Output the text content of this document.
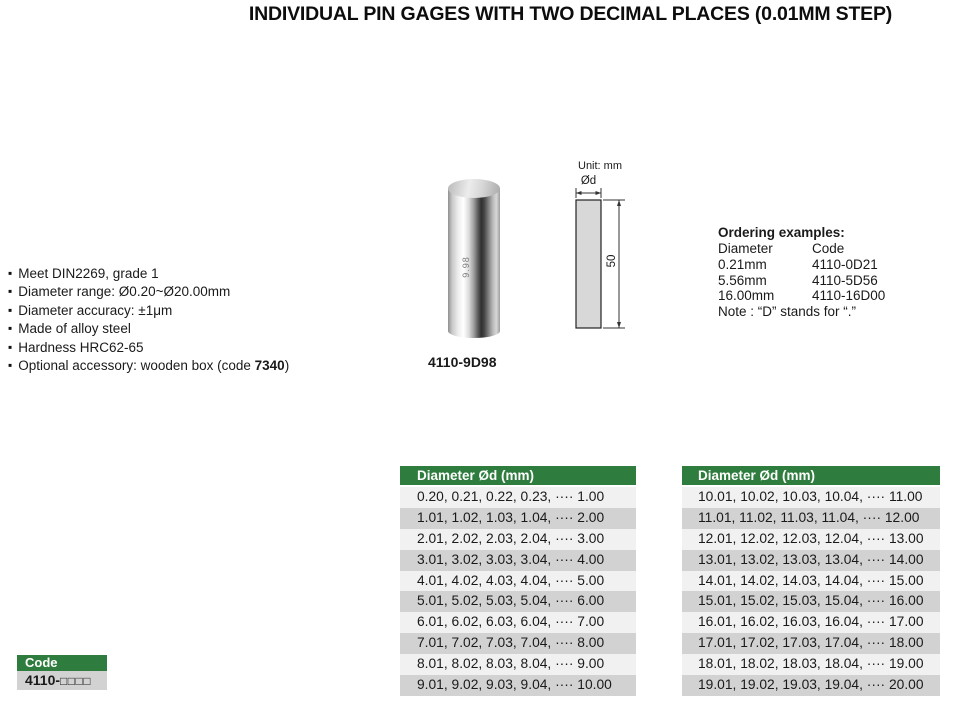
INDIVIDUAL PIN GAGES WITH TWO DECIMAL PLACES (0.01MM STEP)
▪ Meet DIN2269, grade 1
▪ Diameter range: Ø0.20~Ø20.00mm
▪ Diameter accuracy: ±1μm
▪ Made of alloy steel
▪ Hardness HRC62-65
▪ Optional accessory: wooden box (code 7340)
9.98
4110-9D98
Unit: mm
Ød
50
Ordering examples:
Diameter	Code
0.21mm	4110-0D21
5.56mm	4110-5D56
16.00mm	4110-16D00
Note : “D” stands for “.”
Diameter Ød (mm)
0.20, 0.21, 0.22, 0.23, ···· 1.00
1.01, 1.02, 1.03, 1.04, ···· 2.00
2.01, 2.02, 2.03, 2.04, ···· 3.00
3.01, 3.02, 3.03, 3.04, ···· 4.00
4.01, 4.02, 4.03, 4.04, ···· 5.00
5.01, 5.02, 5.03, 5.04, ···· 6.00
6.01, 6.02, 6.03, 6.04, ···· 7.00
7.01, 7.02, 7.03, 7.04, ···· 8.00
8.01, 8.02, 8.03, 8.04, ···· 9.00
9.01, 9.02, 9.03, 9.04, ···· 10.00
Diameter Ød (mm)
10.01, 10.02, 10.03, 10.04, ···· 11.00
11.01, 11.02, 11.03, 11.04, ···· 12.00
12.01, 12.02, 12.03, 12.04, ···· 13.00
13.01, 13.02, 13.03, 13.04, ···· 14.00
14.01, 14.02, 14.03, 14.04, ···· 15.00
15.01, 15.02, 15.03, 15.04, ···· 16.00
16.01, 16.02, 16.03, 16.04, ···· 17.00
17.01, 17.02, 17.03, 17.04, ···· 18.00
18.01, 18.02, 18.03, 18.04, ···· 19.00
19.01, 19.02, 19.03, 19.04, ···· 20.00
Code
4110-□□□□
